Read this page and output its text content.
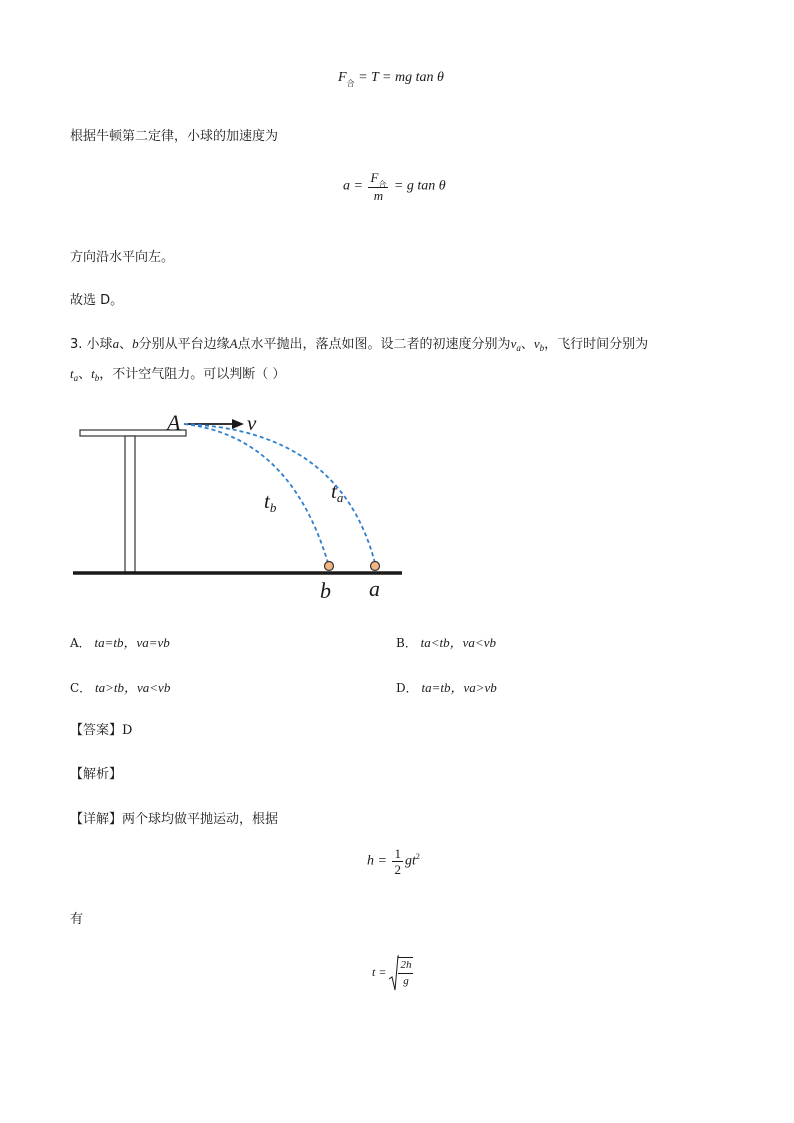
$F_合 = T$ = mg tan θ
根据牛顿第二定律，小球的加速度为
$a = \frac{F_合}{m} = g$ tan θ
方向沿水平向左。
故选 D。
3. 小球a、b分别从平台边缘A点水平抛出，落点如图。设二者的初速度分别为$v_a$、$v_b$，飞行时间分别为
$t_a$、$t_b$，不计空气阻力。可以判断（ ）
A	v
ta
tb
b a
A． ta=tb，va=vb	B． ta<tb，va<vb
C． ta>tb，va<vb	D． ta=tb，va>vb
【答案】D
【解析】
【详解】两个球均做平抛运动，根据
$h = \frac{1}{2} gt^2$
有
$t = \frac{2h}{g}$
